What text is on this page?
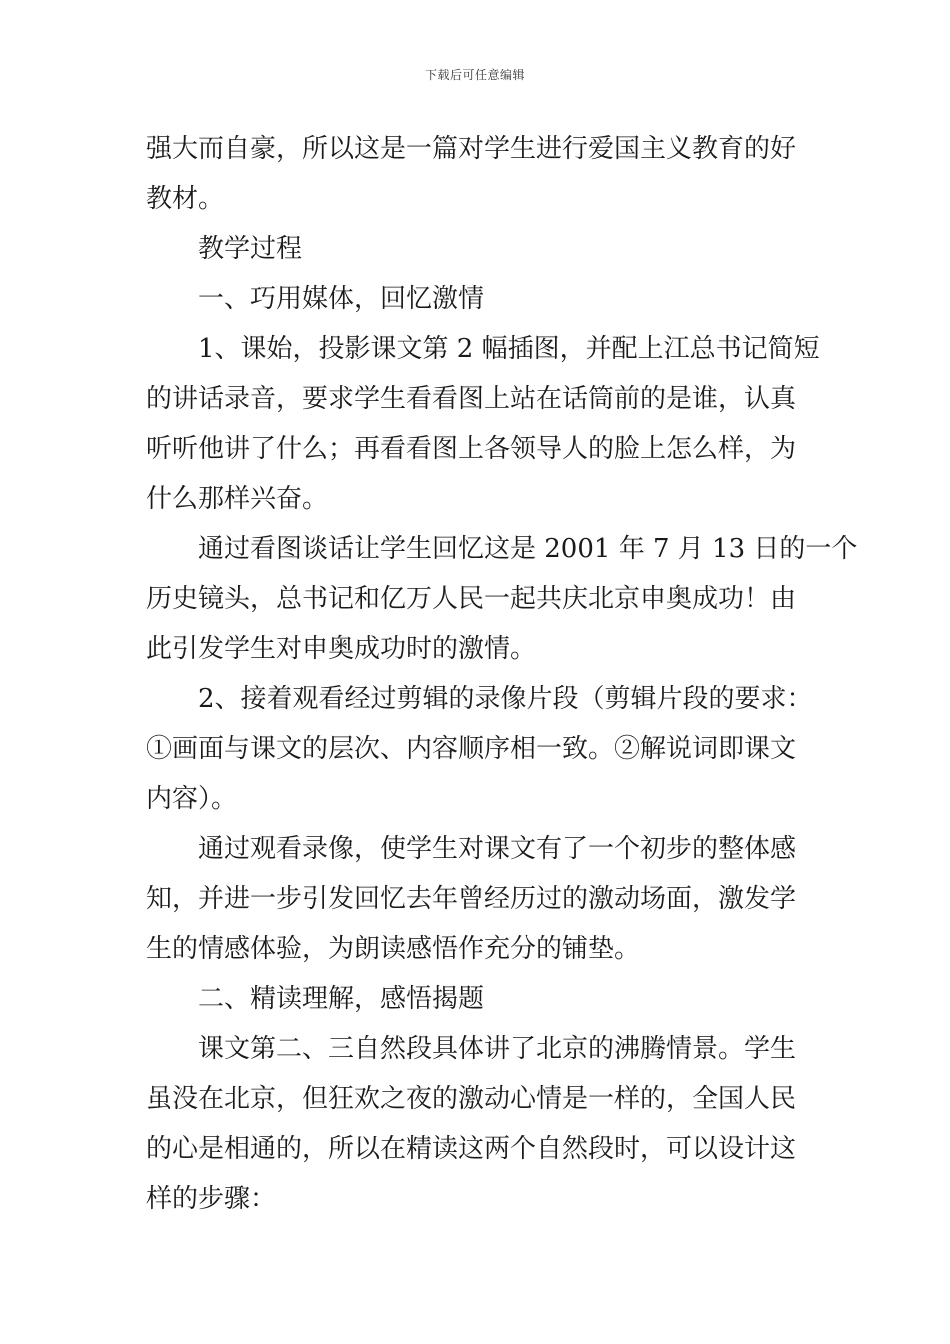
下载后可任意编辑

强大而自豪，所以这是一篇对学生进行爱国主义教育的好
教材。

教学过程

一、巧用媒体，回忆激情

1、课始，投影课文第 2 幅插图，并配上江总书记简短
的讲话录音，要求学生看看图上站在话筒前的是谁，认真
听听他讲了什么；再看看图上各领导人的脸上怎么样，为
什么那样兴奋。

通过看图谈话让学生回忆这是 2001 年 7 月 13 日的一个
历史镜头，总书记和亿万人民一起共庆北京申奥成功！由
此引发学生对申奥成功时的激情。

2、接着观看经过剪辑的录像片段（剪辑片段的要求：
①画面与课文的层次、内容顺序相一致。②解说词即课文
内容）。

通过观看录像，使学生对课文有了一个初步的整体感
知，并进一步引发回忆去年曾经历过的激动场面，激发学
生的情感体验，为朗读感悟作充分的铺垫。

二、精读理解，感悟揭题

课文第二、三自然段具体讲了北京的沸腾情景。学生
虽没在北京，但狂欢之夜的激动心情是一样的，全国人民
的心是相通的，所以在精读这两个自然段时，可以设计这
样的步骤：
